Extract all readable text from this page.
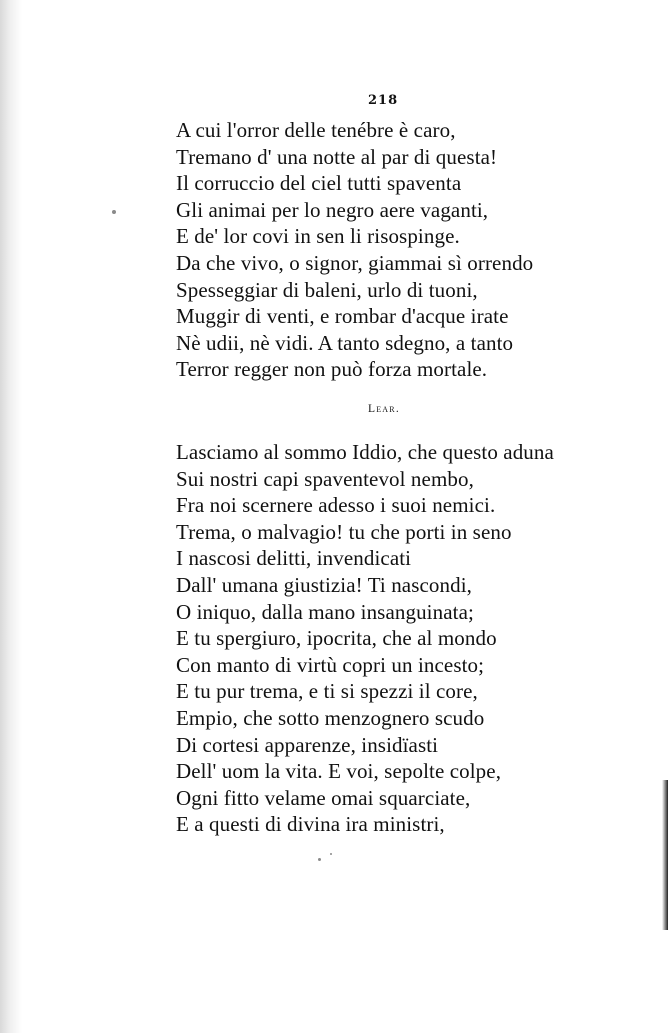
218
A cui l'orror delle tenébre è caro,
Tremano d' una notte al par di questa!
Il corruccio del ciel tutti spaventa
Gli animai per lo negro aere vaganti,
E de' lor covi in sen li risospinge.
Da che vivo, o signor, giammai sì orrendo
Spesseggiar di baleni, urlo di tuoni,
Muggir di venti, e rombar d'acque irate
Nè udii, nè vidi. A tanto sdegno, a tanto
Terror regger non può forza mortale.
Lear.
Lasciamo al sommo Iddio, che questo aduna
Sui nostri capi spaventevol nembo,
Fra noi scernere adesso i suoi nemici.
Trema, o malvagio! tu che porti in seno
I nascosi delitti, invendicati
Dall' umana giustizia! Ti nascondi,
O iniquo, dalla mano insanguinata;
E tu spergiuro, ipocrita, che al mondo
Con manto di virtù copri un incesto;
E tu pur trema, e ti si spezzi il core,
Empio, che sotto menzognero scudo
Di cortesi apparenze, insidïasti
Dell' uom la vita. E voi, sepolte colpe,
Ogni fitto velame omai squarciate,
E a questi di divina ira ministri,
